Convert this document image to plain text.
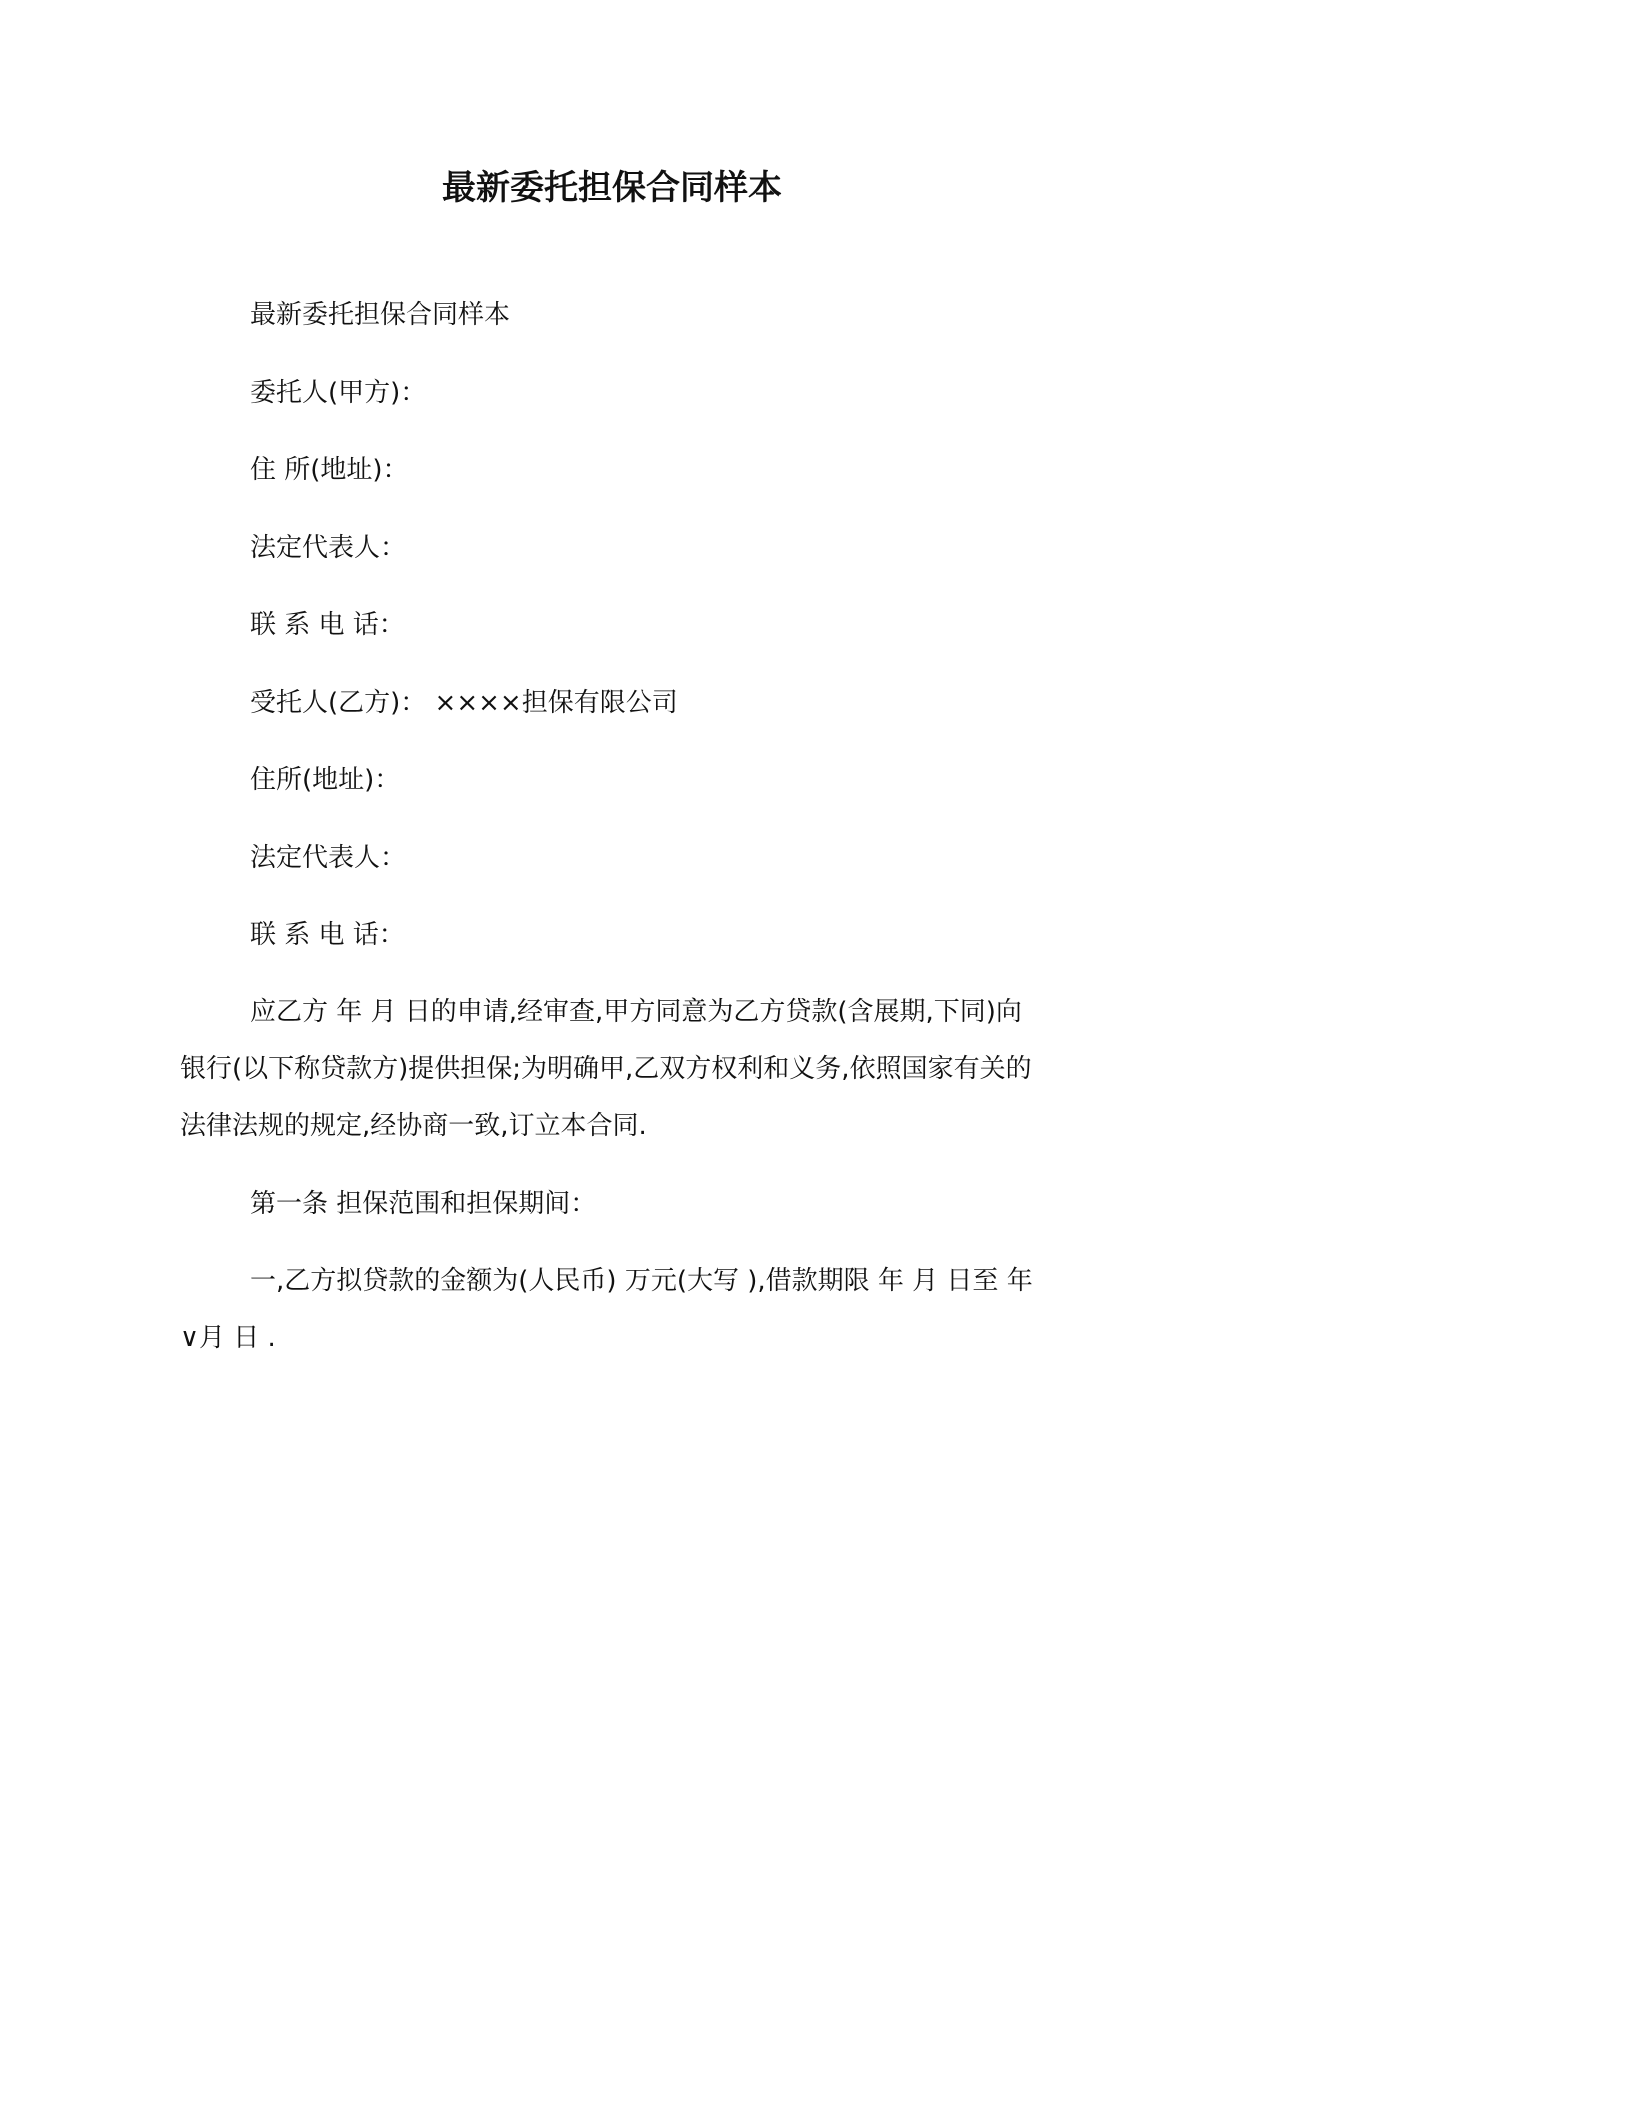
最新委托担保合同样本

最新委托担保合同样本

委托人(甲方)：

住 所(地址)：

法定代表人：

联 系 电 话：

受托人(乙方)： ××××担保有限公司

住所(地址)：

法定代表人：

联 系 电 话：

应乙方 年 月 日的申请,经审查,甲方同意为乙方贷款(含展期,下同)向 银行(以下称贷款方)提供担保;为明确甲,乙双方权利和义务,依照国家有关的法律法规的规定,经协商一致,订立本合同.

第一条 担保范围和担保期间：

一,乙方拟贷款的金额为(人民币) 万元(大写 ),借款期限 年 月 日至 年∨月 日 .
